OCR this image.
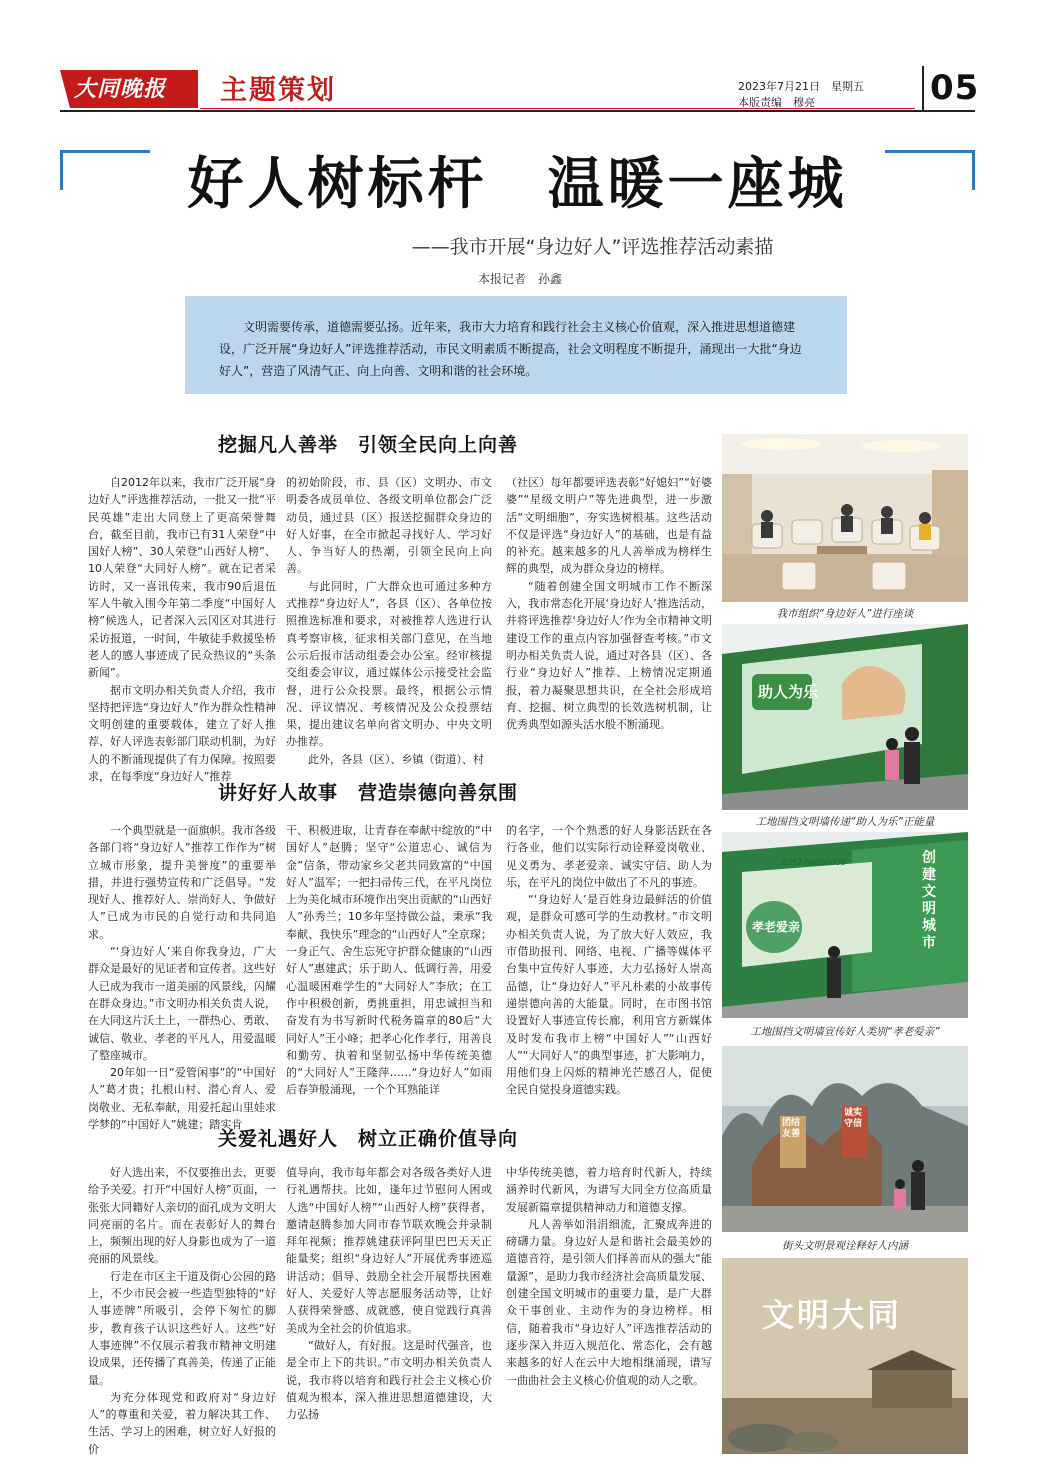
大同晚报	主题策划	2023年7月21日　星期五
本版责编　穆亮	05
好人树标杆　温暖一座城
——我市开展“身边好人”评选推荐活动素描
本报记者　孙鑫
文明需要传承，道德需要弘扬。近年来，我市大力培育和践行社会主义核心价值观，深入推进思想道德建设，广泛开展“身边好人”评选推荐活动，市民文明素质不断提高，社会文明程度不断提升，涌现出一大批“身边好人”，营造了风清气正、向上向善、文明和谐的社会环境。
挖掘凡人善举　引领全民向上向善

自2012年以来，我市广泛开展“身边好人”评选推荐活动，一批又一批“平民英雄”走出大同登上了更高荣誉舞台，截至目前，我市已有31人荣登“中国好人榜”、30人荣登“山西好人榜”、10人荣登“大同好人榜”。就在记者采访时，又一喜讯传来，我市90后退伍军人牛敏入围今年第二季度“中国好人榜”候选人，记者深入云冈区对其进行采访报道，一时间，牛敏徒手救援坠桥老人的感人事迹成了民众热议的“头条新闻”。

据市文明办相关负责人介绍，我市坚持把评选“身边好人”作为群众性精神文明创建的重要载体，建立了好人推荐、好人评选表彰部门联动机制，为好人的不断涌现提供了有力保障。按照要求，在每季度“身边好人”推荐

的初始阶段，市、县（区）文明办、市文明委各成员单位、各级文明单位都会广泛动员，通过县（区）报送挖掘群众身边的好人好事，在全市掀起寻找好人、学习好人、争当好人的热潮，引领全民向上向善。

与此同时，广大群众也可通过多种方式推荐“身边好人”，各县（区）、各单位按照推选标准和要求，对被推荐人选进行认真考察审核，征求相关部门意见，在当地公示后报市活动组委会办公室。经审核提交组委会审议，通过媒体公示接受社会监督，进行公众投票。最终，根据公示情况、评议情况、考核情况及公众投票结果，提出建议名单向省文明办、中央文明办推荐。

此外，各县（区）、乡镇（街道）、村

（社区）每年都要评选表彰“好媳妇”“好婆婆”“星级文明户”等先进典型，进一步激活“文明细胞”，夯实选树根基。这些活动不仅是评选“身边好人”的基础，也是有益的补充。越来越多的凡人善举成为榜样生辉的典型，成为群众身边的榜样。

“随着创建全国文明城市工作不断深入，我市常态化开展‘身边好人’推选活动，并将评选推荐‘身边好人’作为全市精神文明建设工作的重点内容加强督查考核。”市文明办相关负责人说，通过对各县（区）、各行业“身边好人”推荐、上榜情况定期通报，着力凝聚思想共识，在全社会形成培育、挖掘、树立典型的长效选树机制，让优秀典型如源头活水般不断涌现。

讲好好人故事　营造崇德向善氛围

一个典型就是一面旗帜。我市各级各部门将“身边好人”推荐工作作为“树立城市形象，提升美誉度”的重要举措，并进行强势宣传和广泛倡导。“发现好人、推荐好人、崇尚好人、争做好人”已成为市民的自觉行动和共同追求。

“‘身边好人’来自你我身边，广大群众是最好的见证者和宣传者。这些好人已成为我市一道美丽的风景线，闪耀在群众身边。”市文明办相关负责人说，在大同这片沃土上，一群热心、勇敢、诚信、敬业、孝老的平凡人，用爱温暖了整座城市。

20年如一日“爱管闲事”的“中国好人”葛才贵；扎根山村、潜心育人、爱岗敬业、无私奉献，用爱托起山里娃求学梦的“中国好人”姚建；踏实肯

干、积极进取，让青春在奉献中绽放的“中国好人”赵腾；坚守“公道忠心、诚信为金”信条，带动家乡父老共同致富的“中国好人”温军；一把扫帚传三代，在平凡岗位上为美化城市环境作出突出贡献的“山西好人”孙秀兰；10多年坚持做公益，秉承“我奉献、我快乐”理念的“山西好人”全京琛；一身正气、舍生忘死守护群众健康的“山西好人”惠建武；乐于助人、低调行善，用爱心温暖困难学生的“大同好人”李欣；在工作中积极创新，勇挑重担，用忠诚担当和奋发有为书写新时代税务篇章的80后“大同好人”王小峰；把孝心化作孝行，用善良和勤劳、执着和坚韧弘扬中华传统美德的“大同好人”王隆萍……“身边好人”如雨后春笋般涌现，一个个耳熟能详

的名字，一个个熟悉的好人身影活跃在各行各业，他们以实际行动诠释爱岗敬业、见义勇为、孝老爱亲、诚实守信、助人为乐，在平凡的岗位中做出了不凡的事迹。

“‘身边好人’是百姓身边最鲜活的价值观，是群众可感可学的生动教材。”市文明办相关负责人说，为了放大好人效应，我市借助报刊、网络、电视、广播等媒体平台集中宣传好人事迹，大力弘扬好人崇高品德，让“身边好人”平凡朴素的小故事传递崇德向善的大能量。同时，在市图书馆设置好人事迹宣传长廊，利用官方新媒体及时发布我市上榜“中国好人”“山西好人”“大同好人”的典型事迹，扩大影响力，用他们身上闪烁的精神光芒感召人，促使全民自觉投身道德实践。

关爱礼遇好人　树立正确价值导向

好人选出来，不仅要推出去，更要给予关爱。打开“中国好人榜”页面，一张张大同籍好人亲切的面孔成为文明大同亮丽的名片。而在表彰好人的舞台上，频频出现的好人身影也成为了一道亮丽的风景线。

行走在市区主干道及街心公园的路上，不少市民会被一些造型独特的“好人事迹牌”所吸引，会停下匆忙的脚步，教育孩子认识这些好人。这些“好人事迹牌”不仅展示着我市精神文明建设成果，还传播了真善美，传递了正能量。

为充分体现党和政府对“身边好人”的尊重和关爱，着力解决其工作、生活、学习上的困难，树立好人好报的价

值导向，我市每年都会对各级各类好人进行礼遇帮扶。比如，逢年过节慰问人困或人选“中国好人榜”“山西好人榜”获得者，邀请赵腾参加大同市春节联欢晚会并录制拜年视频；推荐姚建获评阿里巴巴天天正能量奖；组织“身边好人”开展优秀事迹巡讲活动；倡导、鼓励全社会开展帮扶困难好人、关爱好人等志愿服务活动等，让好人获得荣誉感、成就感，使自觉践行真善美成为全社会的价值追求。

“做好人，有好报。这是时代强音，也是全市上下的共识。”市文明办相关负责人说，我市将以培育和践行社会主义核心价值观为根本，深入推进思想道德建设，大力弘扬

中华传统美德，着力培育时代新人，持续涵养时代新风，为谱写大同全方位高质量发展新篇章提供精神动力和道德支撑。

凡人善举如涓涓细流，汇聚成奔进的磅礴力量。身边好人是和谐社会最美妙的道德音符，是引领人们择善而从的强大“能量源”，是助力我市经济社会高质量发展、创建全国文明城市的重要力量，是广大群众干事创业、主动作为的身边榜样。相信，随着我市“身边好人”评选推荐活动的逐步深入并迈入规范化、常态化，会有越来越多的好人在云中大地相继涌现，谱写一曲曲社会主义核心价值观的动人之歌。

我市组织“身边好人”进行座谈
助人为乐
工地围挡文明墙传递“助人为乐”正能量
孝老爱亲
0352 00000000	创建文明城市
工地围挡文明墙宣传好人类别“孝老爱亲”
团结友善
诚实守信
街头文明景观诠释好人内涵
文明大同
